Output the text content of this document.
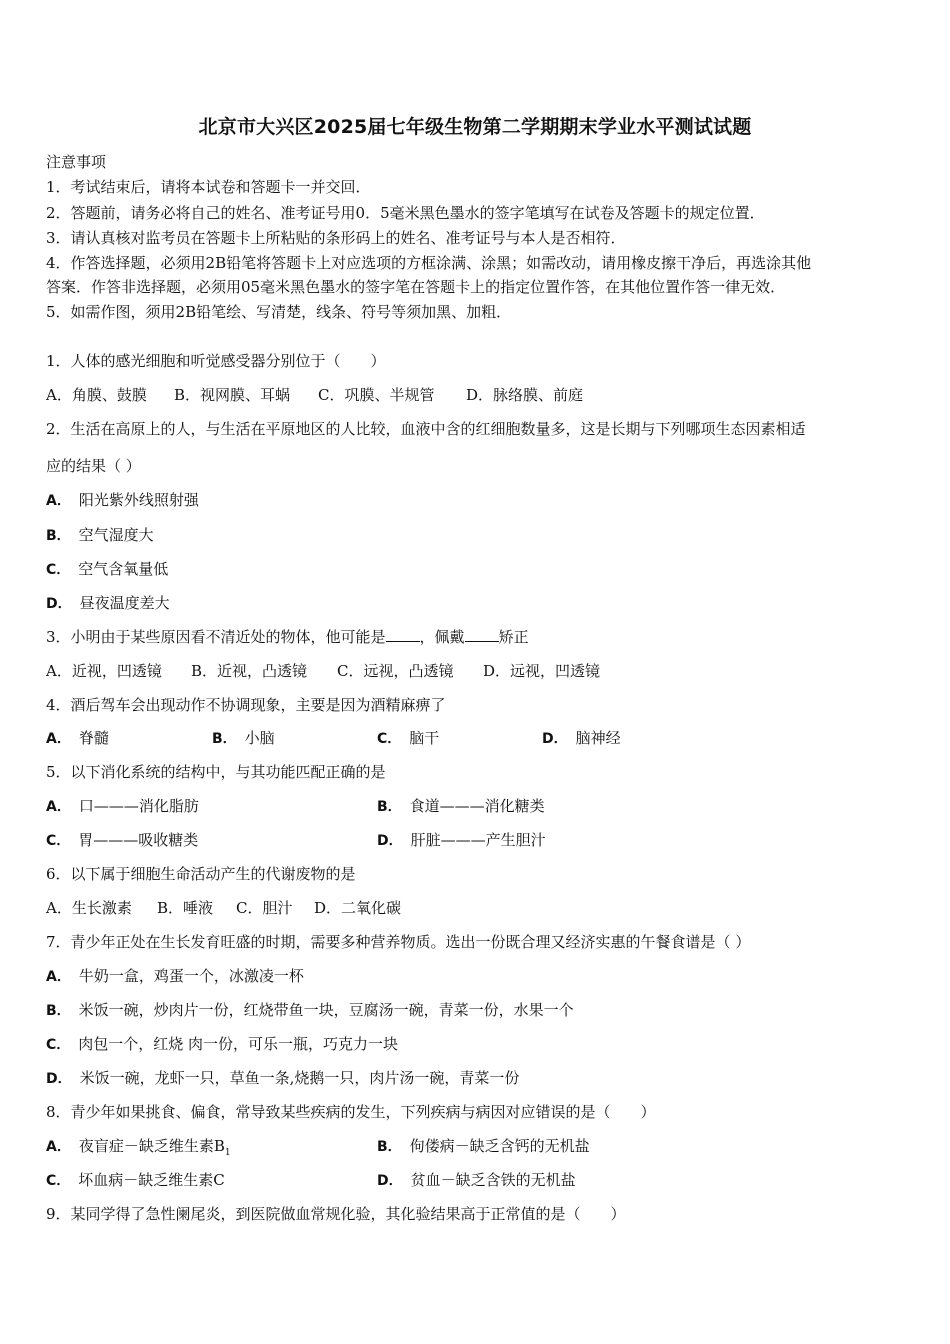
北京市大兴区2025届七年级生物第二学期期末学业水平测试试题
注意事项
1．考试结束后，请将本试卷和答题卡一并交回．
2．答题前，请务必将自己的姓名、准考证号用0．5毫米黑色墨水的签字笔填写在试卷及答题卡的规定位置．
3．请认真核对监考员在答题卡上所粘贴的条形码上的姓名、准考证号与本人是否相符．
4．作答选择题，必须用2B铅笔将答题卡上对应选项的方框涂满、涂黑；如需改动，请用橡皮擦干净后，再选涂其他
答案．作答非选择题，必须用05毫米黑色墨水的签字笔在答题卡上的指定位置作答，在其他位置作答一律无效．
5．如需作图，须用2B铅笔绘、写清楚，线条、符号等须加黑、加粗．
1．人体的感光细胞和听觉感受器分别位于（　　）
A．角膜、鼓膜 B．视网膜、耳蜗 C．巩膜、半规管 D．脉络膜、前庭
2．生活在高原上的人，与生活在平原地区的人比较，血液中含的红细胞数量多，这是长期与下列哪项生态因素相适
应的结果（ ）
A． 阳光紫外线照射强
B． 空气湿度大
C． 空气含氧量低
D． 昼夜温度差大
3．小明由于某些原因看不清近处的物体，他可能是 ，佩戴 矫正
A．近视，凹透镜 B．近视，凸透镜 C．远视，凸透镜 D．远视，凹透镜
4．酒后驾车会出现动作不协调现象，主要是因为酒精麻痹了
A． 脊髓	B． 小脑	C． 脑干	D． 脑神经
5．以下消化系统的结构中，与其功能匹配正确的是
A． 口———消化脂肪	B． 食道———消化糖类
C． 胃———吸收糖类	D． 肝脏———产生胆汁
6．以下属于细胞生命活动产生的代谢废物的是
A．生长激素 B．唾液 C．胆汁 D．二氧化碳
7．青少年正处在生长发育旺盛的时期，需要多种营养物质。选出一份既合理又经济实惠的午餐食谱是（ ）
A． 牛奶一盒，鸡蛋一个，冰激凌一杯
B． 米饭一碗，炒肉片一份，红烧带鱼一块，豆腐汤一碗，青菜一份，水果一个
C． 肉包一个，红烧 肉一份，可乐一瓶，巧克力一块
D． 米饭一碗，龙虾一只，草鱼一条,烧鹅一只，肉片汤一碗，青菜一份
8．青少年如果挑食、偏食，常导致某些疾病的发生，下列疾病与病因对应错误的是（　　）
A． 夜盲症－缺乏维生素$B_1$	B． 佝偻病－缺乏含钙的无机盐
C． 坏血病－缺乏维生素C	D． 贫血－缺乏含铁的无机盐
9．某同学得了急性阑尾炎，到医院做血常规化验，其化验结果高于正常值的是（　　）
